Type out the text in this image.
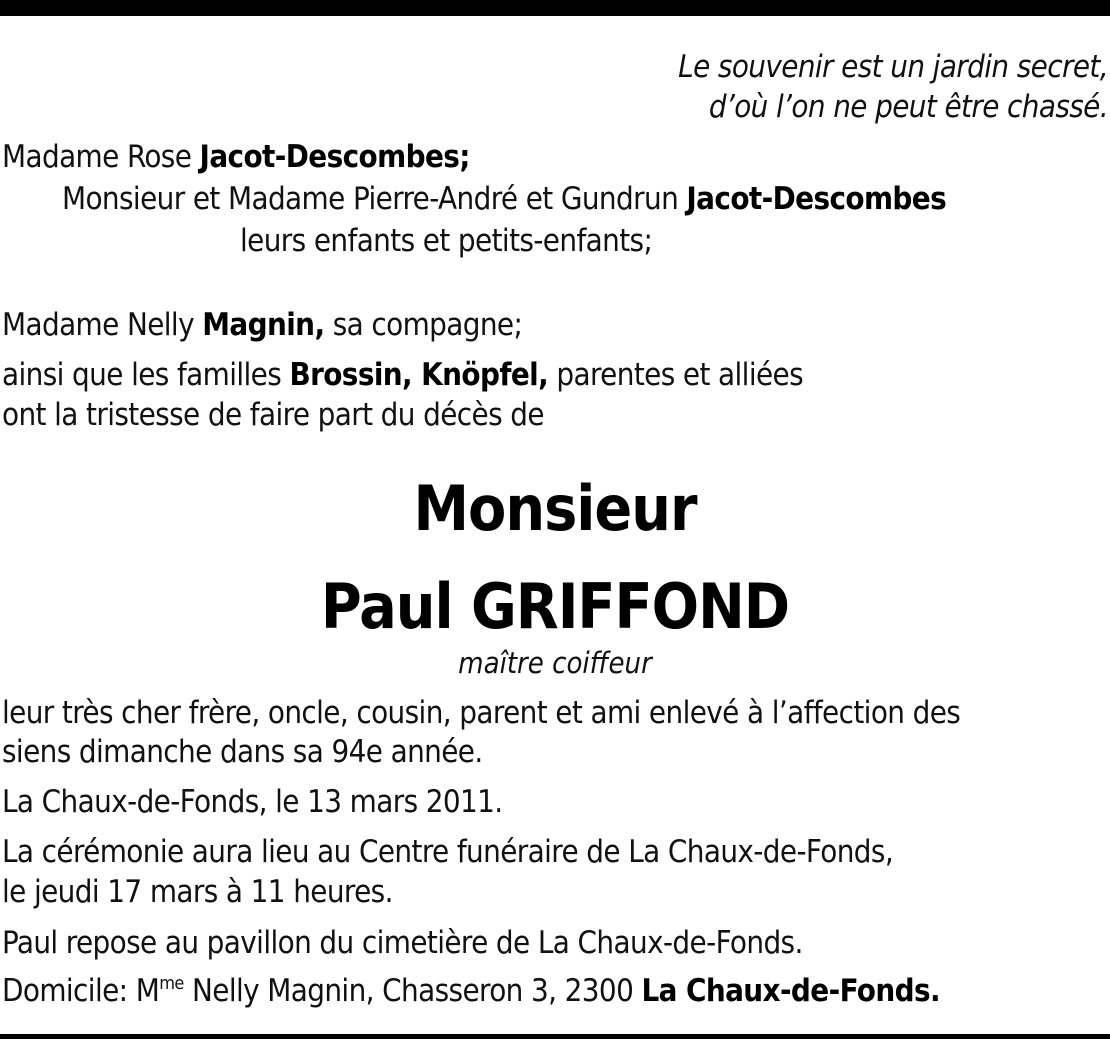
Le souvenir est un jardin secret,
d’où l’on ne peut être chassé.
Madame Rose Jacot-Descombes;
Monsieur et Madame Pierre-André et Gundrun Jacot-Descombes
leurs enfants et petits-enfants;
Madame Nelly Magnin, sa compagne;
ainsi que les familles Brossin, Knöpfel, parentes et alliées
ont la tristesse de faire part du décès de
Monsieur
Paul GRIFFOND
maître coiffeur
leur très cher frère, oncle, cousin, parent et ami enlevé à l’affection des
siens dimanche dans sa 94e année.
La Chaux-de-Fonds, le 13 mars 2011.
La cérémonie aura lieu au Centre funéraire de La Chaux-de-Fonds,
le jeudi 17 mars à 11 heures.
Paul repose au pavillon du cimetière de La Chaux-de-Fonds.
Domicile: $M^{me}$ Nelly Magnin, Chasseron 3, 2300 La Chaux-de-Fonds.
